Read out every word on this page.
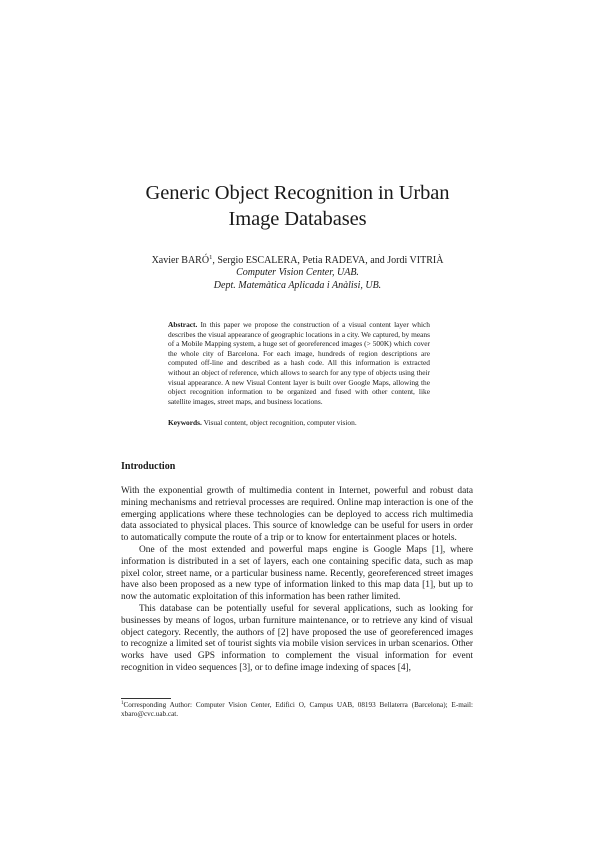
Generic Object Recognition in Urban
Image Databases
Xavier BARÓ$^1$, Sergio ESCALERA, Petia RADEVA, and Jordi VITRIÀ
Computer Vision Center, UAB.
Dept. Matemàtica Aplicada i Anàlisi, UB.

Abstract. In this paper we propose the construction of a visual content layer which describes the visual appearance of geographic locations in a city. We captured, by means of a Mobile Mapping system, a huge set of georeferenced images (> 500K) which cover the whole city of Barcelona. For each image, hundreds of region descriptions are computed off-line and described as a hash code. All this information is extracted without an object of reference, which allows to search for any type of objects using their visual appearance. A new Visual Content layer is built over Google Maps, allowing the object recognition information to be organized and fused with other content, like satellite images, street maps, and business locations.

Keywords. Visual content, object recognition, computer vision.

Introduction

With the exponential growth of multimedia content in Internet, powerful and robust data mining mechanisms and retrieval processes are required. Online map interaction is one of the emerging applications where these technologies can be deployed to access rich multimedia data associated to physical places. This source of knowledge can be useful for users in order to automatically compute the route of a trip or to know for entertainment places or hotels.

One of the most extended and powerful maps engine is Google Maps [1], where information is distributed in a set of layers, each one containing specific data, such as map pixel color, street name, or a particular business name. Recently, georeferenced street images have also been proposed as a new type of information linked to this map data [1], but up to now the automatic exploitation of this information has been rather limited.

This database can be potentially useful for several applications, such as looking for businesses by means of logos, urban furniture maintenance, or to retrieve any kind of visual object category. Recently, the authors of [2] have proposed the use of georeferenced images to recognize a limited set of tourist sights via mobile vision services in urban scenarios. Other works have used GPS information to complement the visual information for event recognition in video sequences [3], or to define image indexing of spaces [4],

$^1$Corresponding Author: Computer Vision Center, Edifici O, Campus UAB, 08193 Bellaterra (Barcelona); E-mail: xbaro@cvc.uab.cat.
